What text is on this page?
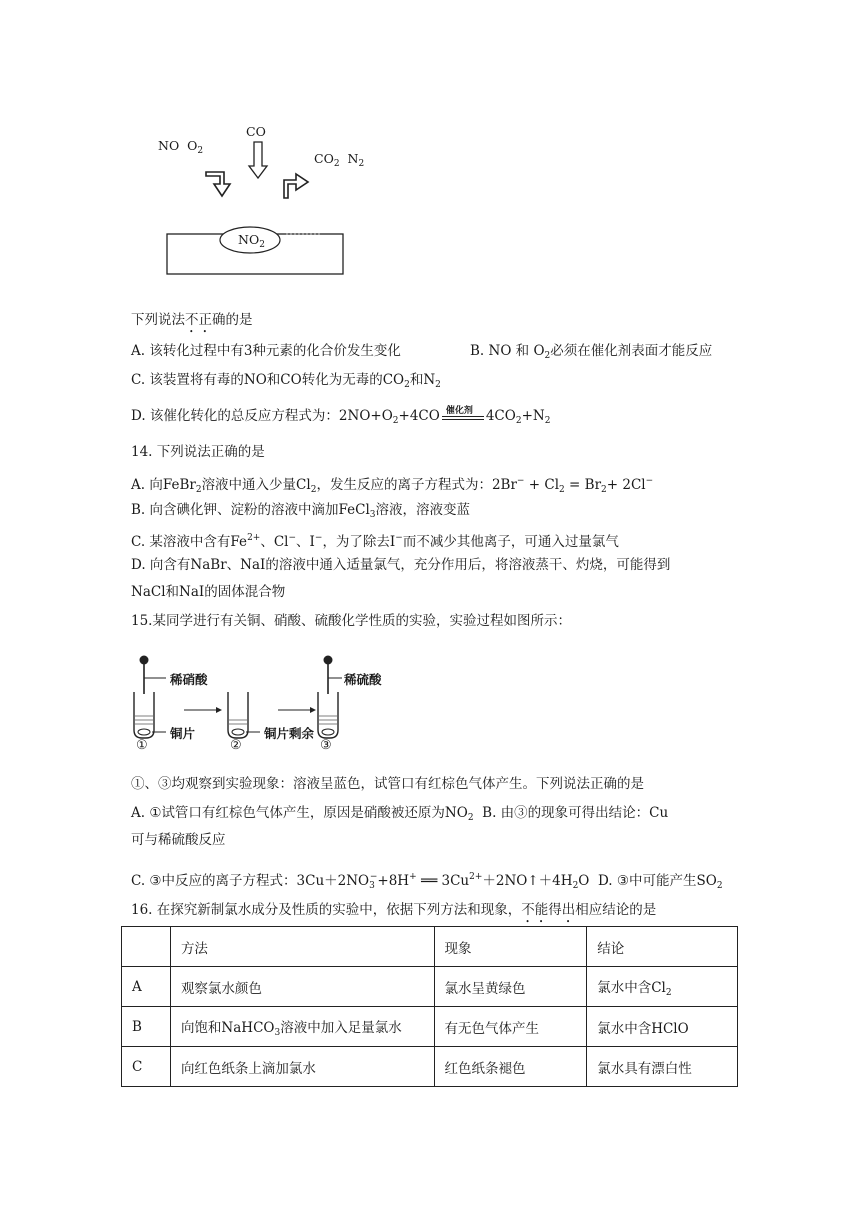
NO $O_2$
CO
$CO_2$ $N_2$
$NO_2$
下列说法不正确的是
A. 该转化过程中有3种元素的化合价发生变化	B. NO 和 $O_2$必须在催化剂表面才能反应
C. 该装置将有毒的NO和CO转化为无毒的$CO_2$和$N_2$
D. 该催化转化的总反应方程式为：$2NO+O_2+4CO$ 催化剂 $4CO_2+N_2$
14. 下列说法正确的是
A. 向FeBr$_2$溶液中通入少量$Cl_2$，发生反应的离子方程式为：$2Br^- + Cl_2 = Br_2+ 2Cl^-$
B. 向含碘化钾、淀粉的溶液中滴加FeCl$_3$溶液，溶液变蓝
C. 某溶液中含有$Fe^{2+}$、Cl−、I−，为了除去I−而不减少其他离子，可通入过量氯气
D. 向含有NaBr、NaI的溶液中通入适量氯气，充分作用后，将溶液蒸干、灼烧，可能得到
NaCl和NaI的固体混合物
15.某同学进行有关铜、硝酸、硫酸化学性质的实验，实验过程如图所示：
稀硝酸
铜片	铜片剩余
稀硫酸
①	②	③
①、③均观察到实验现象：溶液呈蓝色，试管口有红棕色气体产生。下列说法正确的是
A. ①试管口有红棕色气体产生，原因是硝酸被还原为$NO_2$ B. 由③的现象可得出结论：Cu
可与稀硫酸反应
C. ③中反应的离子方程式：$3Cu+2NO_3^-+8H^+$ ══ $3Cu^{2+}+2NO↑+4H_2O$ D. ③中可能产生$SO_2$
16. 在探究新制氯水成分及性质的实验中，依据下列方法和现象，不能得出相应结论的是
	方法	现象	结论
A	观察氯水颜色	氯水呈黄绿色	氯水中含$Cl_2$
B	向饱和NaHCO$_3$溶液中加入足量氯水	有无色气体产生	氯水中含HClO
C	向红色纸条上滴加氯水	红色纸条褪色	氯水具有漂白性
